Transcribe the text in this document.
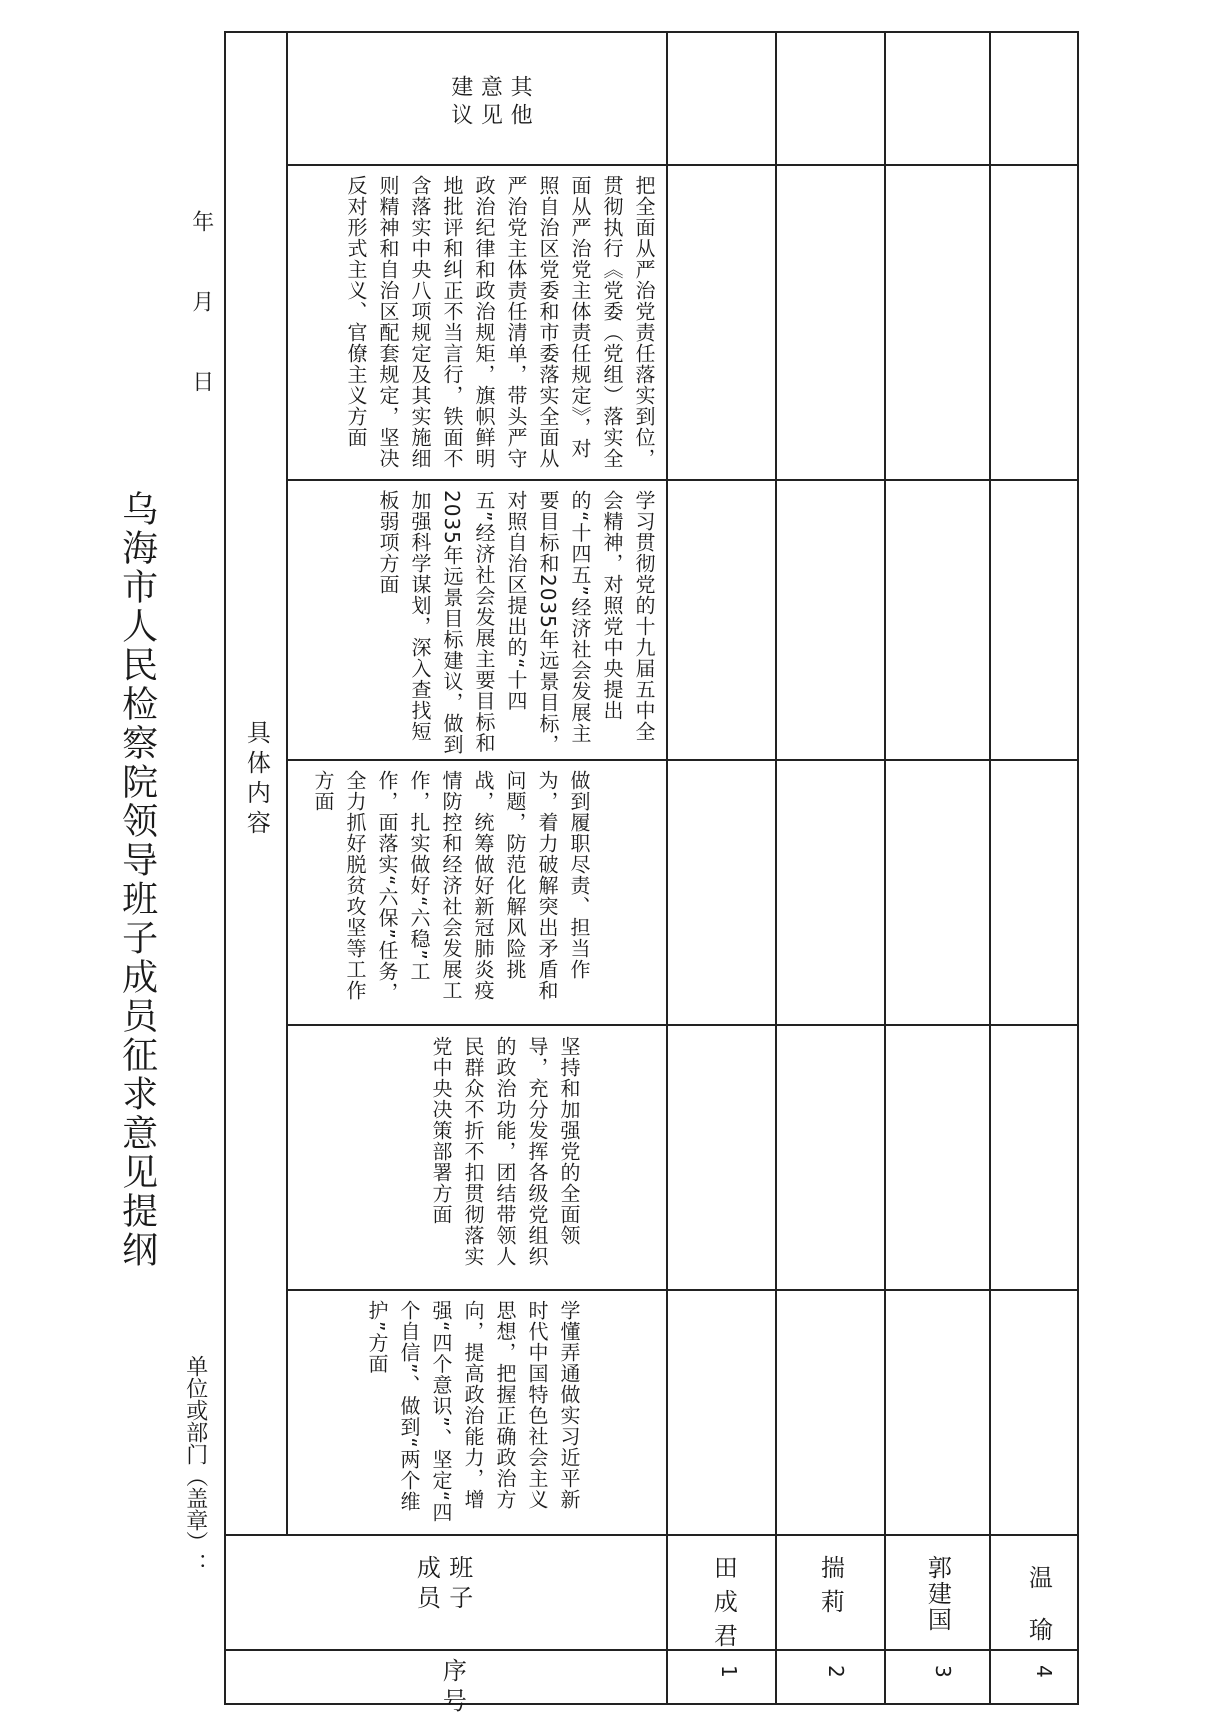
乌海市人民检察院领导班子成员征求意见提纲
单位或部门（盖章）：
年月日
序号
班子成员
具体内容
学懂弄通做实习近平新时代中国特色社会主义思想，把握正确政治方向，提高政治能力，增强“四个意识”、坚定“四个自信”、做到“两个维护”方面
坚持和加强党的全面领导，充分发挥各级党组织的政治功能，团结带领人民群众不折不扣贯彻落实党中央决策部署方面
做到履职尽责、担当作为，着力破解突出矛盾和问题，防范化解风险挑战，统筹做好新冠肺炎疫情防控和经济社会发展工作，扎实做好“六稳”工作，面落实“六保”任务，全力抓好脱贫攻坚等工作方面
学习贯彻党的十九届五中全会精神，对照党中央提出的“十四五”经济社会发展主要目标和2035年远景目标，对照自治区提出的“十四五”经济社会发展主要目标和2035年远景目标建议，做到加强科学谋划，深入查找短板弱项方面
把全面从严治党责任落实到位，贯彻执行《党委（党组）落实全面从严治党主体责任规定》，对照自治区党委和市委落实全面从严治党主体责任清单，带头严守政治纪律和政治规矩，旗帜鲜明地批评和纠正不当言行，铁面不含落实中央八项规定及其实施细则精神和自治区配套规定，坚决反对形式主义、官僚主义方面
其他意见建议
1
田成君
2
揣莉
3
郭建国
4
温瑜
